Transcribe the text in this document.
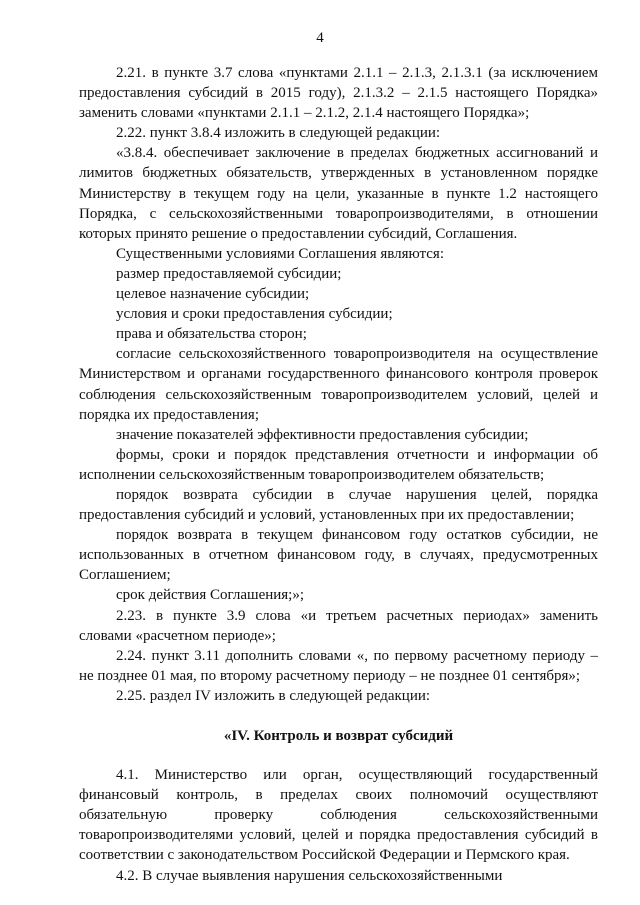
4

2.21. в пункте 3.7 слова «пунктами 2.1.1 – 2.1.3, 2.1.3.1 (за исключением предоставления субсидий в 2015 году), 2.1.3.2 – 2.1.5 настоящего Порядка» заменить словами «пунктами 2.1.1 – 2.1.2, 2.1.4 настоящего Порядка»;

2.22. пункт 3.8.4 изложить в следующей редакции:

«3.8.4. обеспечивает заключение в пределах бюджетных ассигнований и лимитов бюджетных обязательств, утвержденных в установленном порядке Министерству в текущем году на цели, указанные в пункте 1.2 настоящего Порядка, с сельскохозяйственными товаропроизводителями, в отношении которых принято решение о предоставлении субсидий, Соглашения.

Существенными условиями Соглашения являются:

размер предоставляемой субсидии;

целевое назначение субсидии;

условия и сроки предоставления субсидии;

права и обязательства сторон;

согласие сельскохозяйственного товаропроизводителя на осуществление Министерством и органами государственного финансового контроля проверок соблюдения сельскохозяйственным товаропроизводителем условий, целей и порядка их предоставления;

значение показателей эффективности предоставления субсидии;

формы, сроки и порядок представления отчетности и информации об исполнении сельскохозяйственным товаропроизводителем обязательств;

порядок возврата субсидии в случае нарушения целей, порядка предоставления субсидий и условий, установленных при их предоставлении;

порядок возврата в текущем финансовом году остатков субсидии, не использованных в отчетном финансовом году, в случаях, предусмотренных Соглашением;

срок действия Соглашения;»;

2.23. в пункте 3.9 слова «и третьем расчетных периодах» заменить словами «расчетном периоде»;

2.24. пункт 3.11 дополнить словами «, по первому расчетному периоду – не позднее 01 мая, по второму расчетному периоду – не позднее 01 сентября»;

2.25. раздел IV изложить в следующей редакции:

«IV. Контроль и возврат субсидий

4.1. Министерство или орган, осуществляющий государственный финансовый контроль, в пределах своих полномочий осуществляют обязательную проверку соблюдения сельскохозяйственными товаропроизводителями условий, целей и порядка предоставления субсидий в соответствии с законодательством Российской Федерации и Пермского края.

4.2. В случае выявления нарушения сельскохозяйственными
